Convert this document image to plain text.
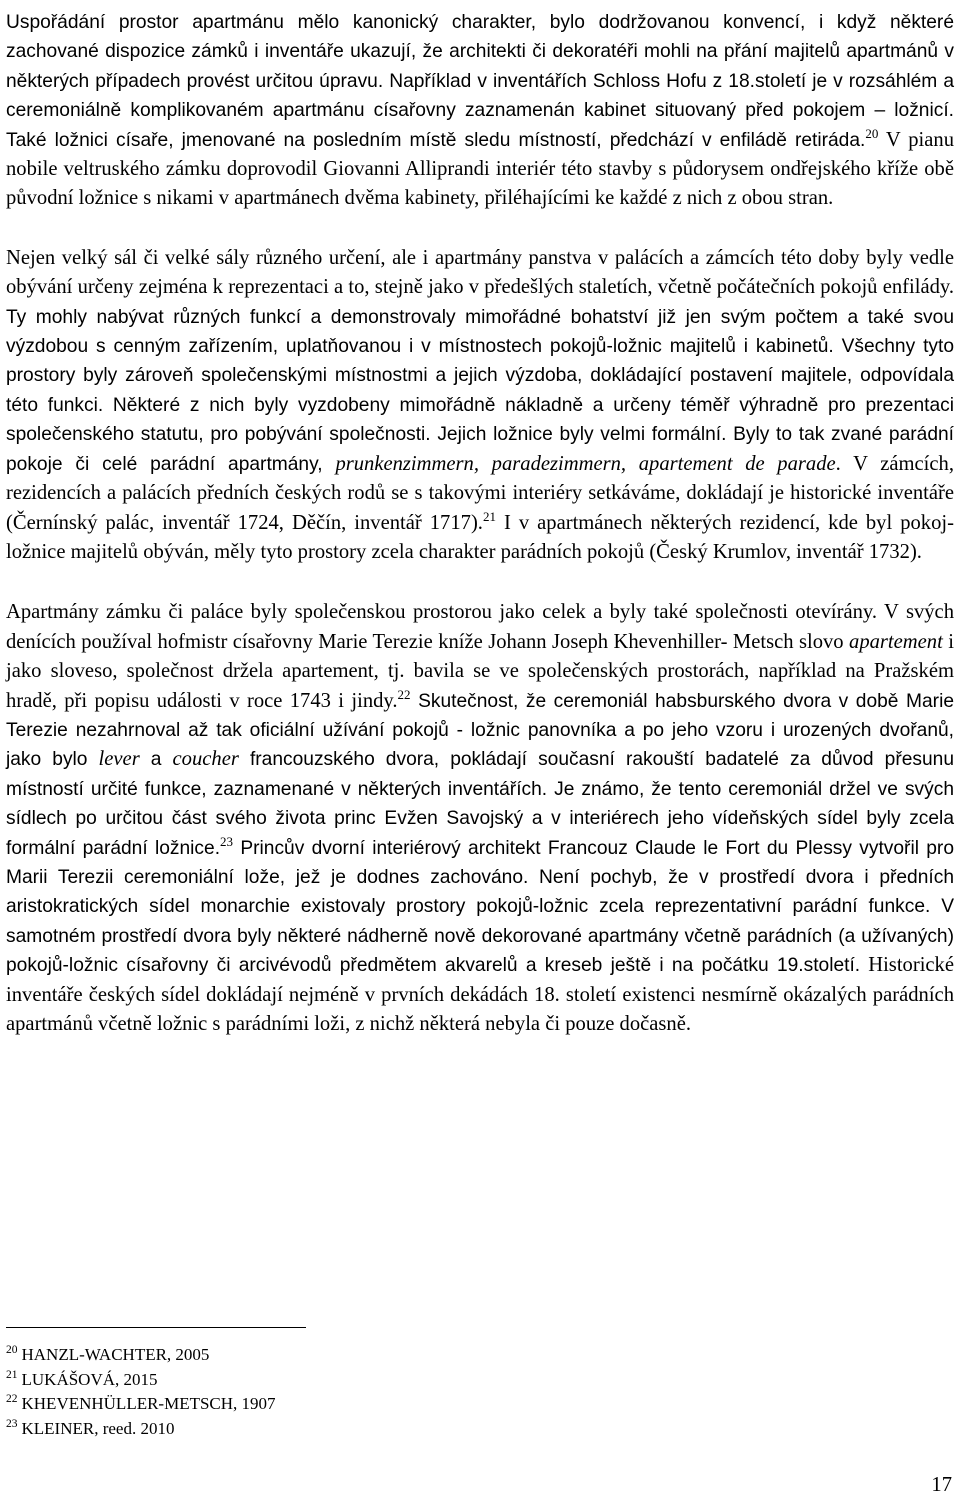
Uspořádání prostor apartmánu mělo kanonický charakter, bylo dodržovanou konvencí, i když některé zachované dispozice zámků i inventáře ukazují, že architekti či dekoratéři mohli na přání majitelů apartmánů v některých případech provést určitou úpravu. Například v inventářích Schloss Hofu z 18.století je v rozsáhlém a ceremoniálně komplikovaném apartmánu císařovny zaznamenán kabinet situovaný před pokojem – ložnicí. Také ložnici císaře, jmenované na posledním místě sledu místností, předchází v enfiládě retiráda.$^{20}$ V pianu nobile veltruského zámku doprovodil Giovanni Alliprandi interiér této stavby s půdorysem ondřejského kříže obě původní ložnice s nikami v apartmánech dvěma kabinety, přiléhajícími ke každé z nich z obou stran.

Nejen velký sál či velké sály různého určení, ale i apartmány panstva v palácích a zámcích této doby byly vedle obývání určeny zejména k reprezentaci a to, stejně jako v předešlých staletích, včetně počátečních pokojů enfilády. Ty mohly nabývat různých funkcí a demonstrovaly mimořádné bohatství již jen svým počtem a také svou výzdobou s cenným zařízením, uplatňovanou i v místnostech pokojů-ložnic majitelů i kabinetů. Všechny tyto prostory byly zároveň společenskými místnostmi a jejich výzdoba, dokládající postavení majitele, odpovídala této funkci. Některé z nich byly vyzdobeny mimořádně nákladně a určeny téměř výhradně pro prezentaci společenského statutu, pro pobývání společnosti. Jejich ložnice byly velmi formální. Byly to tak zvané parádní pokoje či celé parádní apartmány, prunkenzimmern, paradezimmern, apartement de parade. V zámcích, rezidencích a palácích předních českých rodů se s takovými interiéry setkáváme, dokládají je historické inventáře (Černínský palác, inventář 1724, Děčín, inventář 1717).$^{21}$ I v apartmánech některých rezidencí, kde byl pokoj-ložnice majitelů obýván, měly tyto prostory zcela charakter parádních pokojů (Český Krumlov, inventář 1732).

Apartmány zámku či paláce byly společenskou prostorou jako celek a byly také společnosti otevírány. V svých denících používal hofmistr císařovny Marie Terezie kníže Johann Joseph Khevenhiller- Metsch slovo apartement i jako sloveso, společnost držela apartement, tj. bavila se ve společenských prostorách, například na Pražském hradě, při popisu události v roce 1743 i jindy.$^{22}$ Skutečnost, že ceremoniál habsburského dvora v době Marie Terezie nezahrnoval až tak oficiální užívání pokojů - ložnic panovníka a po jeho vzoru i urozených dvořanů, jako bylo lever a coucher francouzského dvora, pokládají současní rakouští badatelé za důvod přesunu místností určité funkce, zaznamenané v některých inventářích. Je známo, že tento ceremoniál držel ve svých sídlech po určitou část svého života princ Evžen Savojský a v interiérech jeho vídeňských sídel byly zcela formální parádní ložnice.$^{23}$ Princův dvorní interiérový architekt Francouz Claude le Fort du Plessy vytvořil pro Marii Terezii ceremoniální lože, jež je dodnes zachováno. Není pochyb, že v prostředí dvora i předních aristokratických sídel monarchie existovaly prostory pokojů-ložnic zcela reprezentativní parádní funkce. V samotném prostředí dvora byly některé nádherně nově dekorované apartmány včetně parádních (a užívaných) pokojů-ložnic císařovny či arcivévodů předmětem akvarelů a kreseb ještě i na počátku 19.století. Historické inventáře českých sídel dokládají nejméně v prvních dekádách 18. století existenci nesmírně okázalých parádních apartmánů včetně ložnic s parádními loži, z nichž některá nebyla či pouze dočasně.

$^{20}$ HANZL-WACHTER, 2005

$^{21}$ LUKÁŠOVÁ, 2015

$^{22}$ KHEVENHÜLLER-METSCH, 1907

$^{23}$ KLEINER, reed. 2010

17
